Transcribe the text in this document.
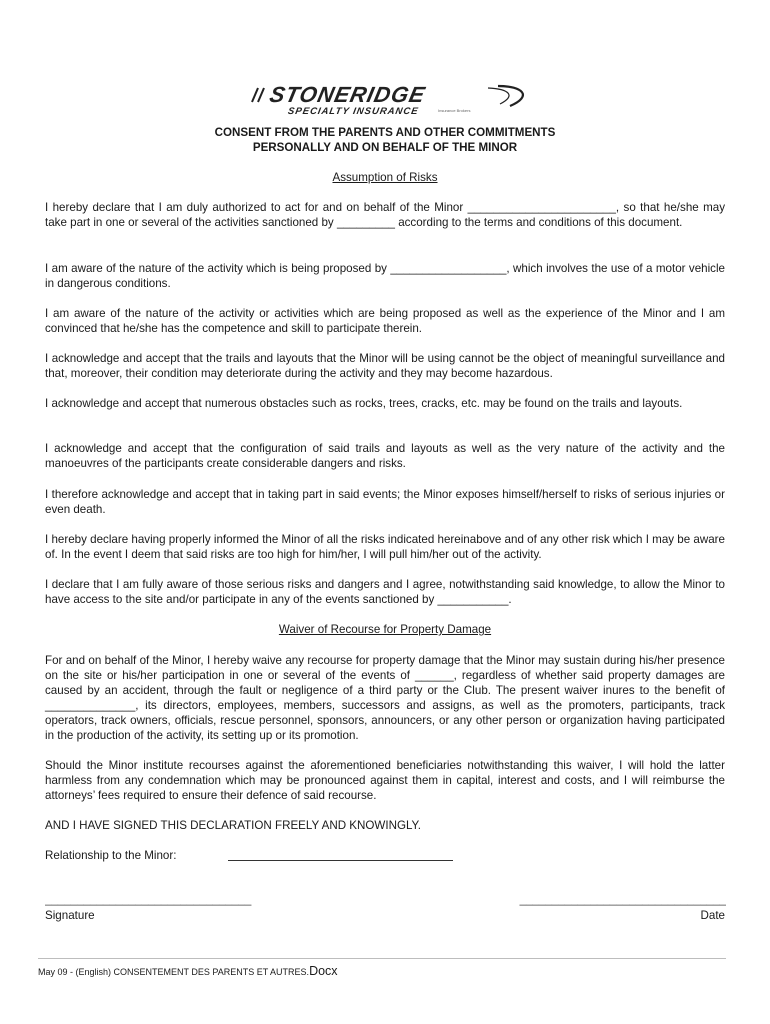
STONERIDGE
SPECIALTY INSURANCE	Insurance Brokers
CONSENT FROM THE PARENTS AND OTHER COMMITMENTS
PERSONALLY AND ON BEHALF OF THE MINOR
Assumption of Risks

I hereby declare that I am duly authorized to act for and on behalf of the Minor _______________________, so that he/she may take part in one or several of the activities sanctioned by _________ according to the terms and conditions of this document.

I am aware of the nature of the activity which is being proposed by __________________, which involves the use of a motor vehicle in dangerous conditions.

I am aware of the nature of the activity or activities which are being proposed as well as the experience of the Minor and I am convinced that he/she has the competence and skill to participate therein.

I acknowledge and accept that the trails and layouts that the Minor will be using cannot be the object of meaningful surveillance and that, moreover, their condition may deteriorate during the activity and they may become hazardous.

I acknowledge and accept that numerous obstacles such as rocks, trees, cracks, etc. may be found on the trails and layouts.

I acknowledge and accept that the configuration of said trails and layouts as well as the very nature of the activity and the manoeuvres of the participants create considerable dangers and risks.

I therefore acknowledge and accept that in taking part in said events; the Minor exposes himself/herself to risks of serious injuries or even death.

I hereby declare having properly informed the Minor of all the risks indicated hereinabove and of any other risk which I may be aware of. In the event I deem that said risks are too high for him/her, I will pull him/her out of the activity.

I declare that I am fully aware of those serious risks and dangers and I agree, notwithstanding said knowledge, to allow the Minor to have access to the site and/or participate in any of the events sanctioned by ___________.

Waiver of Recourse for Property Damage

For and on behalf of the Minor, I hereby waive any recourse for property damage that the Minor may sustain during his/her presence on the site or his/her participation in one or several of the events of ______, regardless of whether said property damages are caused by an accident, through the fault or negligence of a third party or the Club. The present waiver inures to the benefit of ______________, its directors, employees, members, successors and assigns, as well as the promoters, participants, track operators, track owners, officials, rescue personnel, sponsors, announcers, or any other person or organization having participated in the production of the activity, its setting up or its promotion.

Should the Minor institute recourses against the aforementioned beneficiaries notwithstanding this waiver, I will hold the latter harmless from any condemnation which may be pronounced against them in capital, interest and costs, and I will reimburse the attorneys’ fees required to ensure their defence of said recourse.

AND I HAVE SIGNED THIS DECLARATION FREELY AND KNOWINGLY.

Relationship to the Minor:
________________________________	________________________________
Signature	Date
May 09 - (English) CONSENTEMENT DES PARENTS ET AUTRES.Docx
